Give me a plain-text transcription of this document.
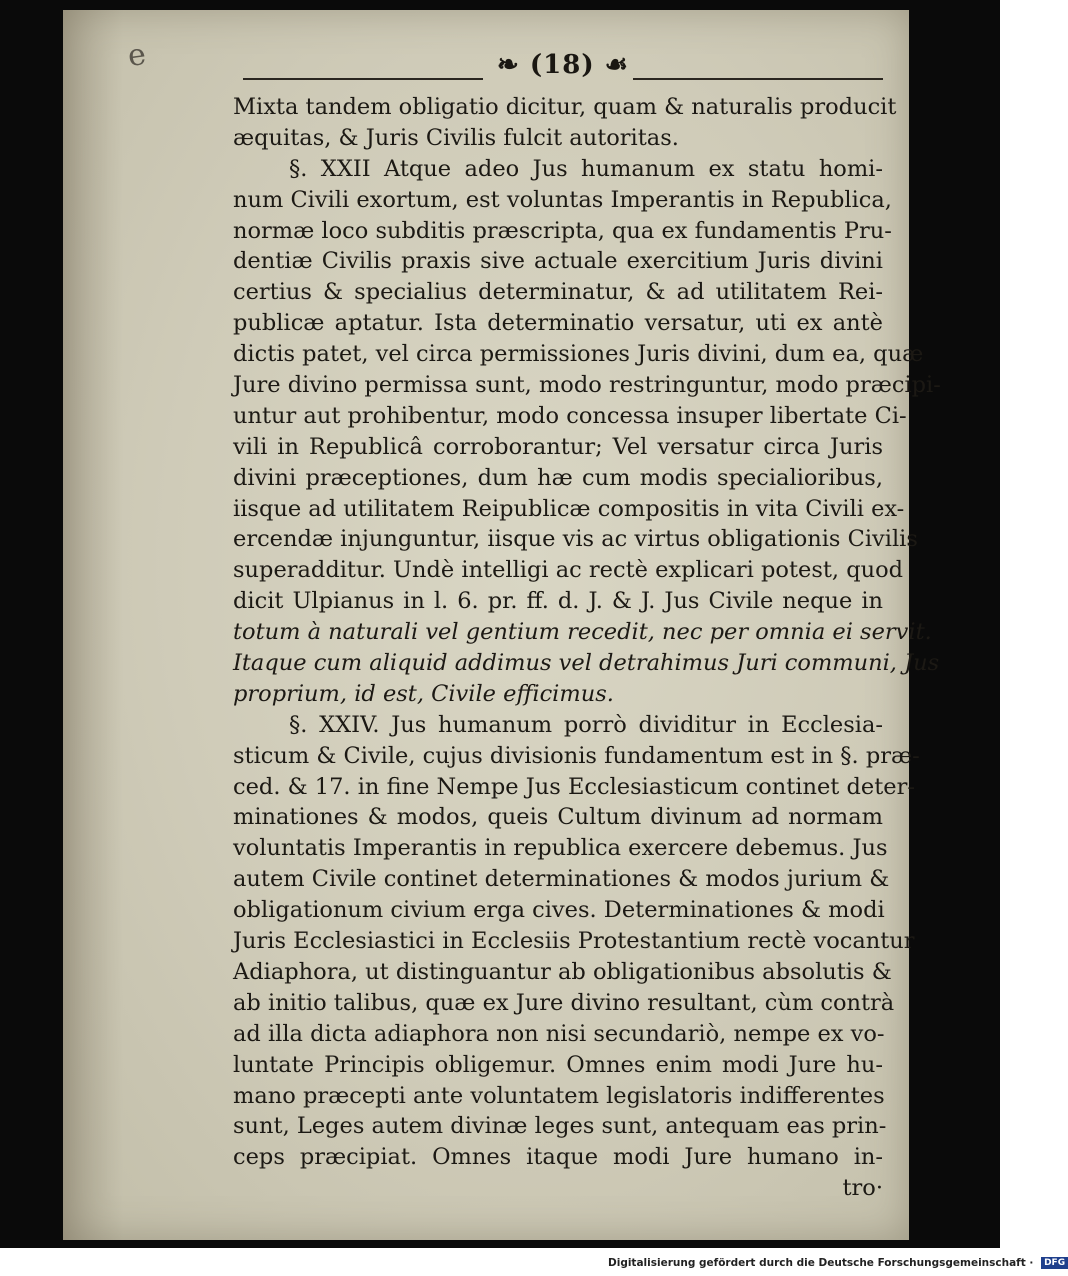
e	❧ (18) ☙
Mixta tandem obligatio dicitur, quam & naturalis producit
æquitas, & Juris Civilis fulcit autoritas.
§. XXII Atque adeo Jus humanum ex statu homi-
num Civili exortum, est voluntas Imperantis in Republica,
normæ loco subditis præscripta, qua ex fundamentis Pru-
dentiæ Civilis praxis sive actuale exercitium Juris divini
certius & specialius determinatur, & ad utilitatem Rei-
publicæ aptatur. Ista determinatio versatur, uti ex antè
dictis patet, vel circa permissiones Juris divini, dum ea, quæ
Jure divino permissa sunt, modo restringuntur, modo præcipi-
untur aut prohibentur, modo concessa insuper libertate Ci-
vili in Republicâ corroborantur; Vel versatur circa Juris
divini præceptiones, dum hæ cum modis specialioribus,
iisque ad utilitatem Reipublicæ compositis in vita Civili ex-
ercendæ injunguntur, iisque vis ac virtus obligationis Civilis
superadditur. Undè intelligi ac rectè explicari potest, quod
dicit Ulpianus in l. 6. pr. ff. d. J. & J. Jus Civile neque in
totum à naturali vel gentium recedit, nec per omnia ei servit.
Itaque cum aliquid addimus vel detrahimus Juri communi, Jus
proprium, id est, Civile efficimus.
§. XXIV. Jus humanum porrò dividitur in Ecclesia-
sticum & Civile, cujus divisionis fundamentum est in §. præ-
ced. & 17. in fine Nempe Jus Ecclesiasticum continet deter-
minationes & modos, queis Cultum divinum ad normam
voluntatis Imperantis in republica exercere debemus. Jus
autem Civile continet determinationes & modos jurium &
obligationum civium erga cives. Determinationes & modi
Juris Ecclesiastici in Ecclesiis Protestantium rectè vocantur
Adiaphora, ut distinguantur ab obligationibus absolutis &
ab initio talibus, quæ ex Jure divino resultant, cùm contrà
ad illa dicta adiaphora non nisi secundariò, nempe ex vo-
luntate Principis obligemur. Omnes enim modi Jure hu-
mano præcepti ante voluntatem legislatoris indifferentes
sunt, Leges autem divinæ leges sunt, antequam eas prin-
ceps præcipiat. Omnes itaque modi Jure humano in-
tro·
Digitalisierung gefördert durch die Deutsche Forschungsgemeinschaft · DFG
